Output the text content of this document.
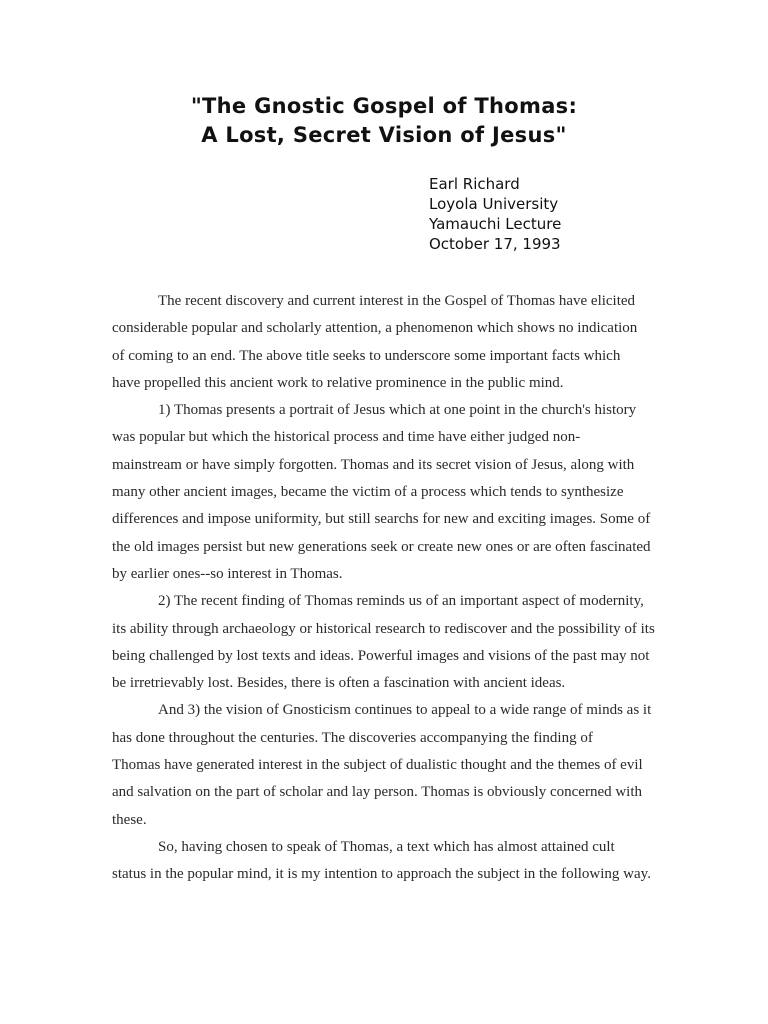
"The Gnostic Gospel of Thomas:
A Lost, Secret Vision of Jesus"
Earl Richard
Loyola University
Yamauchi Lecture
October 17, 1993
The recent discovery and current interest in the Gospel of Thomas have elicited
considerable popular and scholarly attention, a phenomenon which shows no indication
of coming to an end. The above title seeks to underscore some important facts which
have propelled this ancient work to relative prominence in the public mind.
1) Thomas presents a portrait of Jesus which at one point in the church's history
was popular but which the historical process and time have either judged non-
mainstream or have simply forgotten. Thomas and its secret vision of Jesus, along with
many other ancient images, became the victim of a process which tends to synthesize
differences and impose uniformity, but still searchs for new and exciting images. Some of
the old images persist but new generations seek or create new ones or are often fascinated
by earlier ones--so interest in Thomas.
2) The recent finding of Thomas reminds us of an important aspect of modernity,
its ability through archaeology or historical research to rediscover and the possibility of its
being challenged by lost texts and ideas. Powerful images and visions of the past may not
be irretrievably lost. Besides, there is often a fascination with ancient ideas.
And 3) the vision of Gnosticism continues to appeal to a wide range of minds as it
has done throughout the centuries. The discoveries accompanying the finding of
Thomas have generated interest in the subject of dualistic thought and the themes of evil
and salvation on the part of scholar and lay person. Thomas is obviously concerned with
these.
So, having chosen to speak of Thomas, a text which has almost attained cult
status in the popular mind, it is my intention to approach the subject in the following way.
